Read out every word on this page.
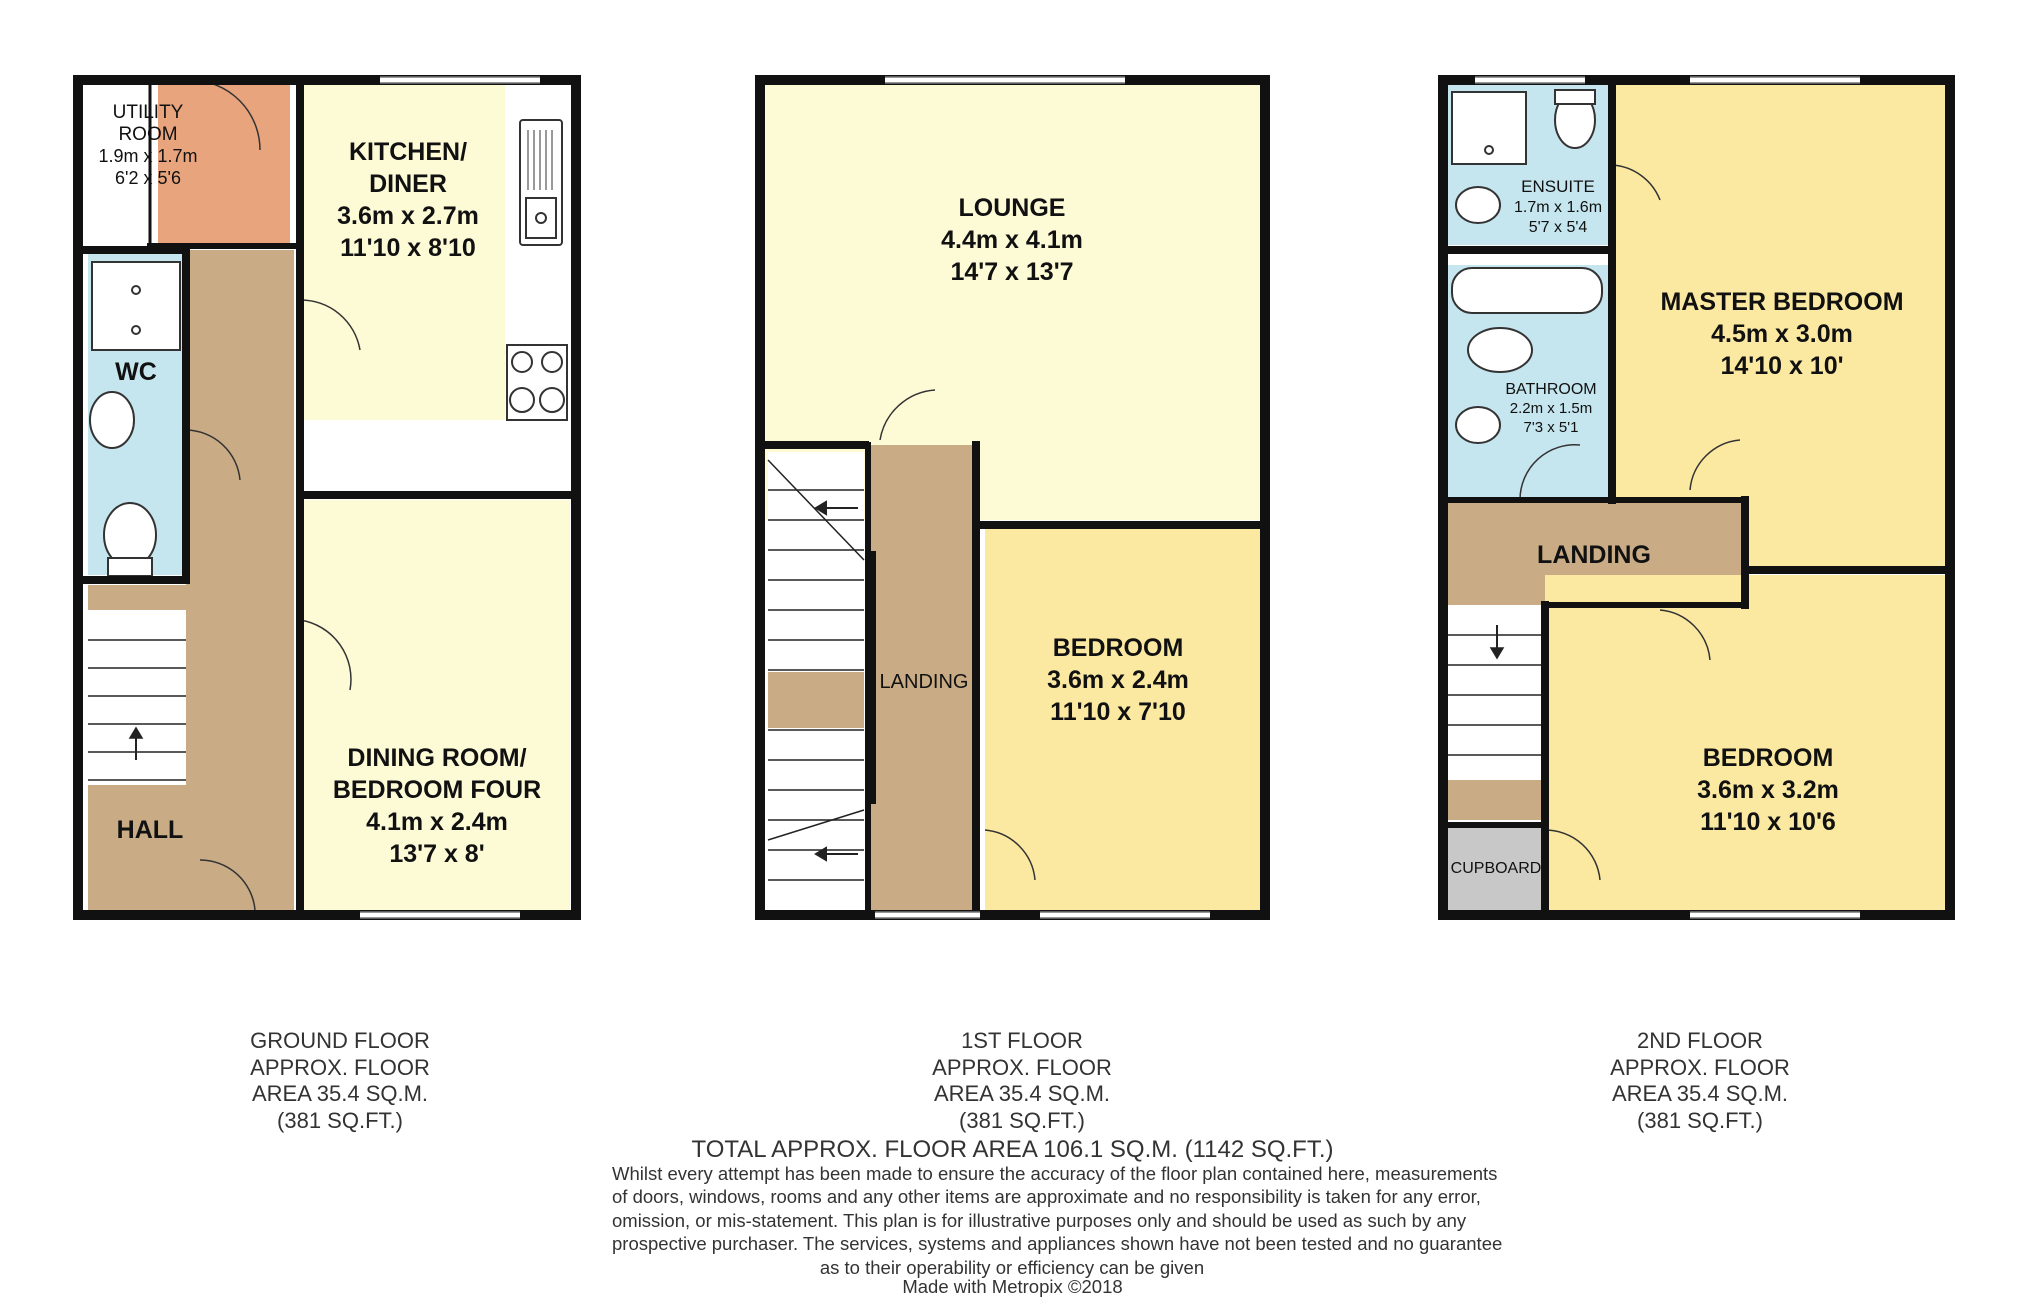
UTILITY
ROOM
1.9m x 1.7m
6'2 x 5'6
KITCHEN/
DINER
3.6m x 2.7m
11'10 x 8'10
WC
HALL
DINING ROOM/
BEDROOM FOUR
4.1m x 2.4m
13'7 x 8'
LOUNGE
4.4m x 4.1m
14'7 x 13'7
LANDING
BEDROOM
3.6m x 2.4m
11'10 x 7'10
ENSUITE
1.7m x 1.6m
5'7 x 5'4
BATHROOM
2.2m x 1.5m
7'3 x 5'1
MASTER BEDROOM
4.5m x 3.0m
14'10 x 10'
LANDING
BEDROOM
3.6m x 3.2m
11'10 x 10'6
CUPBOARD
GROUND FLOOR
APPROX. FLOOR
AREA 35.4 SQ.M.
(381 SQ.FT.)
1ST FLOOR
APPROX. FLOOR
AREA 35.4 SQ.M.
(381 SQ.FT.)
2ND FLOOR
APPROX. FLOOR
AREA 35.4 SQ.M.
(381 SQ.FT.)
TOTAL APPROX. FLOOR AREA 106.1 SQ.M. (1142 SQ.FT.)
Whilst every attempt has been made to ensure the accuracy of the floor plan contained here, measurements
of doors, windows, rooms and any other items are approximate and no responsibility is taken for any error,
omission, or mis-statement. This plan is for illustrative purposes only and should be used as such by any
prospective purchaser. The services, systems and appliances shown have not been tested and no guarantee
as to their operability or efficiency can be given
Made with Metropix ©2018
